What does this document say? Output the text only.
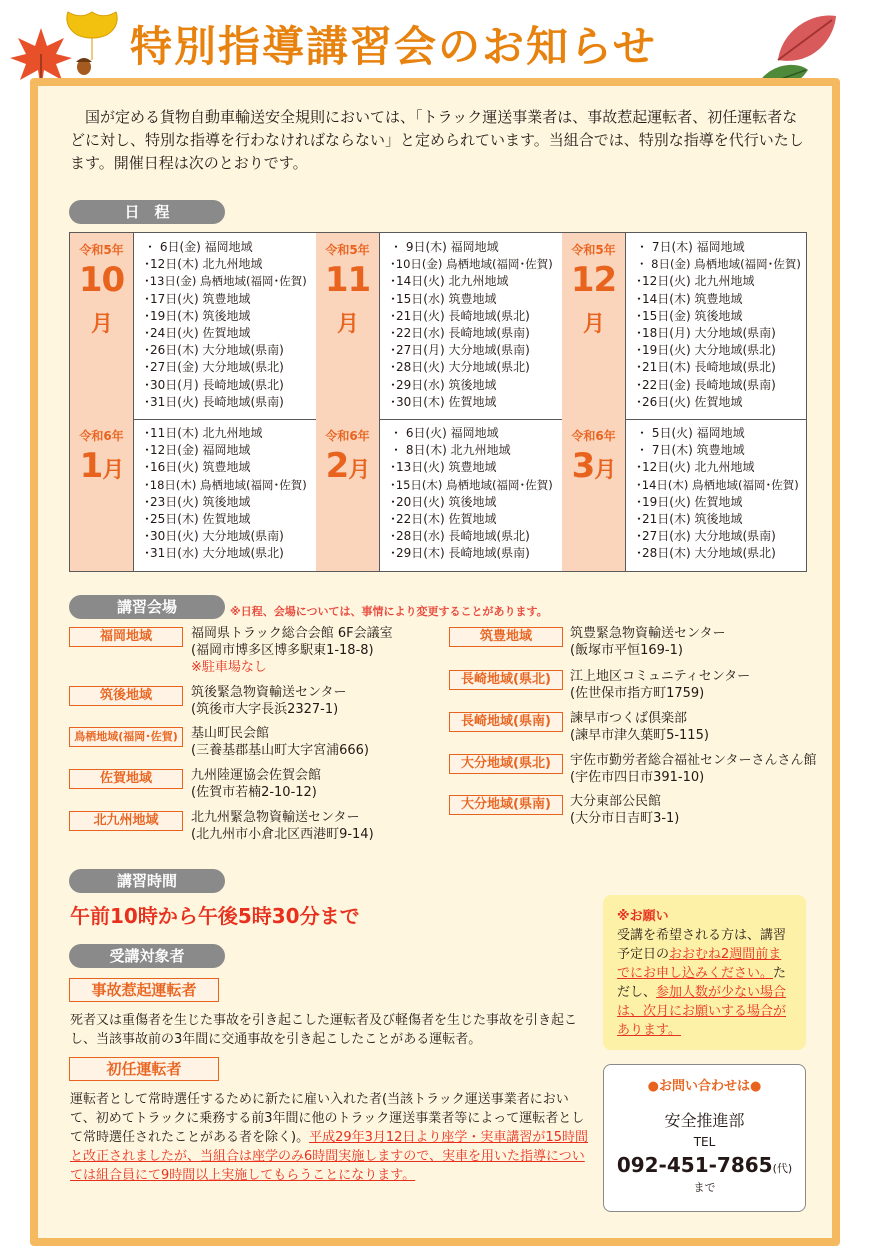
特別指導講習会のお知らせ
国が定める貨物自動車輸送安全規則においては、「トラック運送事業者は、事故惹起運転者、初任運転者などに対し、特別な指導を行わなければならない」と定められています。当組合では、特別な指導を代行いたします。開催日程は次のとおりです。
日　程
令和5年
10月
・ 6日(金) 福岡地域
･12日(木) 北九州地域
･13日(金) 鳥栖地域(福岡･佐賀)
･17日(火) 筑豊地域
･19日(木) 筑後地域
･24日(火) 佐賀地域
･26日(木) 大分地域(県南)
･27日(金) 大分地域(県北)
･30日(月) 長崎地域(県北)
･31日(火) 長崎地域(県南)
令和5年
11月
・ 9日(木) 福岡地域
･10日(金) 鳥栖地域(福岡･佐賀)
･14日(火) 北九州地域
･15日(水) 筑豊地域
･21日(火) 長崎地域(県北)
･22日(水) 長崎地域(県南)
･27日(月) 大分地域(県南)
･28日(火) 大分地域(県北)
･29日(水) 筑後地域
･30日(木) 佐賀地域
令和5年
12月
・ 7日(木) 福岡地域
・ 8日(金) 鳥栖地域(福岡･佐賀)
･12日(火) 北九州地域
･14日(木) 筑豊地域
･15日(金) 筑後地域
･18日(月) 大分地域(県南)
･19日(火) 大分地域(県北)
･21日(木) 長崎地域(県北)
･22日(金) 長崎地域(県南)
･26日(火) 佐賀地域
令和6年
1月
･11日(木) 北九州地域
･12日(金) 福岡地域
･16日(火) 筑豊地域
･18日(木) 鳥栖地域(福岡･佐賀)
･23日(火) 筑後地域
･25日(木) 佐賀地域
･30日(火) 大分地域(県南)
･31日(水) 大分地域(県北)
令和6年
2月
・ 6日(火) 福岡地域
・ 8日(木) 北九州地域
･13日(火) 筑豊地域
･15日(木) 鳥栖地域(福岡･佐賀)
･20日(火) 筑後地域
･22日(木) 佐賀地域
･28日(水) 長崎地域(県北)
･29日(木) 長崎地域(県南)
令和6年
3月
・ 5日(火) 福岡地域
・ 7日(木) 筑豊地域
･12日(火) 北九州地域
･14日(木) 鳥栖地域(福岡･佐賀)
･19日(火) 佐賀地域
･21日(木) 筑後地域
･27日(水) 大分地域(県南)
･28日(木) 大分地域(県北)
講習会場	※日程、会場については、事情により変更することがあります。
講習時間
午前10時から午後5時30分まで
受講対象者
事故惹起運転者
死者又は重傷者を生じた事故を引き起こした運転者及び軽傷者を生じた事故を引き起こし、当該事故前の3年間に交通事故を引き起こしたことがある運転者。
初任運転者
運転者として常時選任するために新たに雇い入れた者(当該トラック運送事業者において、初めてトラックに乗務する前3年間に他のトラック運送事業者等によって運転者として常時選任されたことがある者を除く)。平成29年3月12日より座学・実車講習が15時間と改正されましたが、当組合は座学のみ6時間実施しますので、実車を用いた指導については組合員にて9時間以上実施してもらうことになります。
※お願い
受講を希望される方は、講習予定日のおおむね2週間前までにお申し込みください。ただし、参加人数が少ない場合は、次月にお願いする場合があります。
●お問い合わせは●
安全推進部
TEL
092-451-7865(代)
まで
福岡地域	福岡県トラック総合会館 6F会議室
(福岡市博多区博多駅東1-18-8)
※駐車場なし
筑後地域	筑後緊急物資輸送センター
(筑後市大字長浜2327-1)
鳥栖地域(福岡･佐賀)	基山町民会館
(三養基郡基山町大字宮浦666)
佐賀地域	九州陸運協会佐賀会館
(佐賀市若楠2-10-12)
北九州地域	北九州緊急物資輸送センター
(北九州市小倉北区西港町9-14)
筑豊地域	筑豊緊急物資輸送センター
(飯塚市平恒169-1)
長崎地域(県北)	江上地区コミュニティセンター
(佐世保市指方町1759)
長崎地域(県南)	諫早市つくば倶楽部
(諫早市津久葉町5-115)
大分地域(県北)	宇佐市勤労者総合福祉センターさんさん館
(宇佐市四日市391-10)
大分地域(県南)	大分東部公民館
(大分市日吉町3-1)
